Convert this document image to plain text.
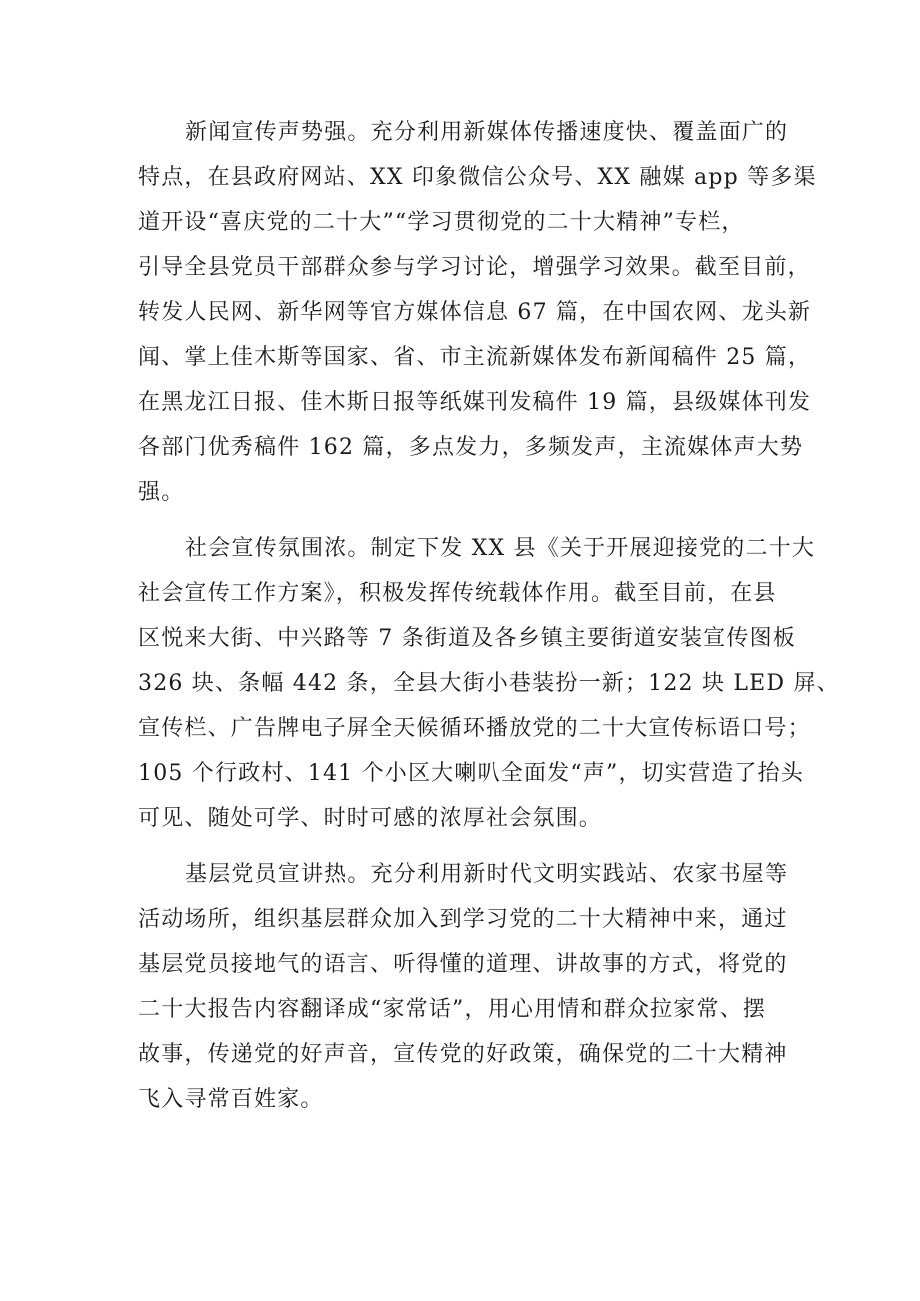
新闻宣传声势强。充分利用新媒体传播速度快、覆盖面广的
特点，在县政府网站、XX 印象微信公众号、XX 融媒 app 等多渠
道开设“喜庆党的二十大”“学习贯彻党的二十大精神”专栏，
引导全县党员干部群众参与学习讨论，增强学习效果。截至目前，
转发人民网、新华网等官方媒体信息 67 篇，在中国农网、龙头新
闻、掌上佳木斯等国家、省、市主流新媒体发布新闻稿件 25 篇，
在黑龙江日报、佳木斯日报等纸媒刊发稿件 19 篇，县级媒体刊发
各部门优秀稿件 162 篇，多点发力，多频发声，主流媒体声大势
强。
社会宣传氛围浓。制定下发 XX 县《关于开展迎接党的二十大
社会宣传工作方案》，积极发挥传统载体作用。截至目前，在县
区悦来大街、中兴路等 7 条街道及各乡镇主要街道安装宣传图板
326 块、条幅 442 条，全县大街小巷装扮一新；122 块 LED 屏、
宣传栏、广告牌电子屏全天候循环播放党的二十大宣传标语口号；
105 个行政村、141 个小区大喇叭全面发“声”，切实营造了抬头
可见、随处可学、时时可感的浓厚社会氛围。
基层党员宣讲热。充分利用新时代文明实践站、农家书屋等
活动场所，组织基层群众加入到学习党的二十大精神中来，通过
基层党员接地气的语言、听得懂的道理、讲故事的方式，将党的
二十大报告内容翻译成“家常话”，用心用情和群众拉家常、摆
故事，传递党的好声音，宣传党的好政策，确保党的二十大精神
飞入寻常百姓家。
